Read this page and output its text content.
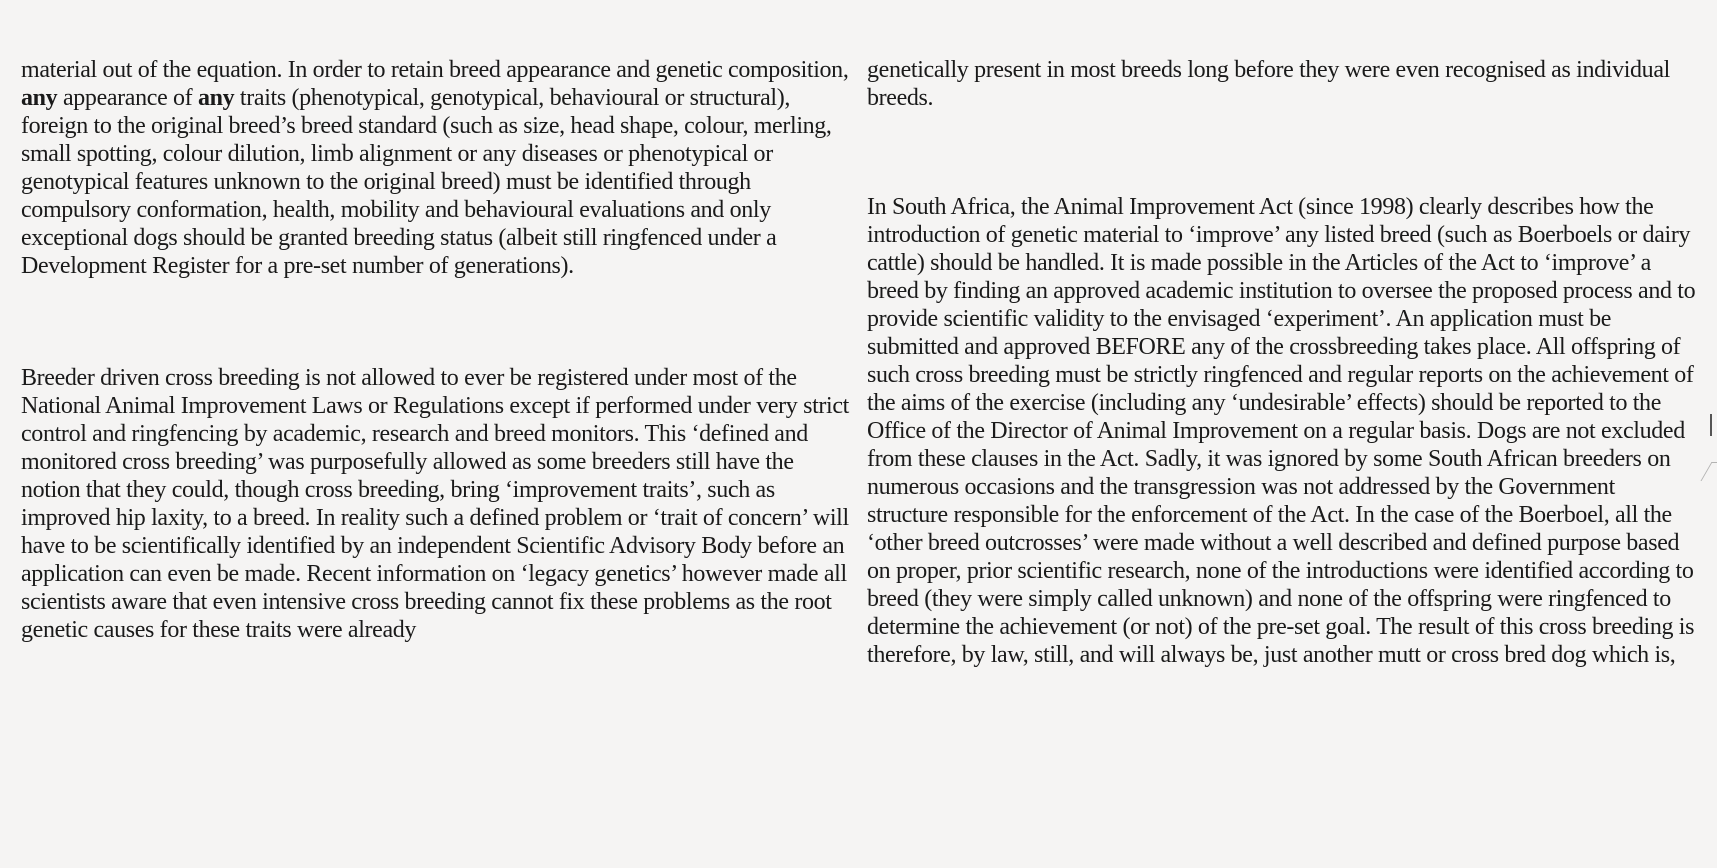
material out of the equation. In order to retain breed appearance and genetic composition, any appearance of any traits (phenotypical, genotypical, behavioural or structural), foreign to the original breed’s breed standard (such as size, head shape, colour, merling, small spotting, colour dilution, limb alignment or any diseases or phenotypical or genotypical features unknown to the original breed) must be identified through compulsory conformation, health, mobility and behavioural evaluations and only exceptional dogs should be granted breeding status (albeit still ringfenced under a Development Register for a pre-set number of generations).

Breeder driven cross breeding is not allowed to ever be registered under most of the National Animal Improvement Laws or Regulations except if performed under very strict control and ringfencing by academic, research and breed monitors. This ‘defined and monitored cross breeding’ was purposefully allowed as some breeders still have the notion that they could, though cross breeding, bring ‘improvement traits’, such as improved hip laxity, to a breed. In reality such a defined problem or ‘trait of concern’ will have to be scientifically identified by an independent Scientific Advisory Body before an application can even be made. Recent information on ‘legacy genetics’ however made all scientists aware that even intensive cross breeding cannot fix these problems as the root genetic causes for these traits were already

genetically present in most breeds long before they were even recognised as individual breeds.

In South Africa, the Animal Improvement Act (since 1998) clearly describes how the introduction of genetic material to ‘improve’ any listed breed (such as Boerboels or dairy cattle) should be handled. It is made possible in the Articles of the Act to ‘improve’ a breed by finding an approved academic institution to oversee the proposed process and to provide scientific validity to the envisaged ‘experiment’. An application must be submitted and approved BEFORE any of the crossbreeding takes place. All offspring of such cross breeding must be strictly ringfenced and regular reports on the achievement of the aims of the exercise (including any ‘undesirable’ effects) should be reported to the Office of the Director of Animal Improvement on a regular basis. Dogs are not excluded from these clauses in the Act. Sadly, it was ignored by some South African breeders on numerous occasions and the transgression was not addressed by the Government structure responsible for the enforcement of the Act. In the case of the Boerboel, all the ‘other breed outcrosses’ were made without a well described and defined purpose based on proper, prior scientific research, none of the introductions were identified according to breed (they were simply called unknown) and none of the offspring were ringfenced to determine the achievement (or not) of the pre-set goal. The result of this cross breeding is therefore, by law, still, and will always be, just another mutt or cross bred dog which is,
